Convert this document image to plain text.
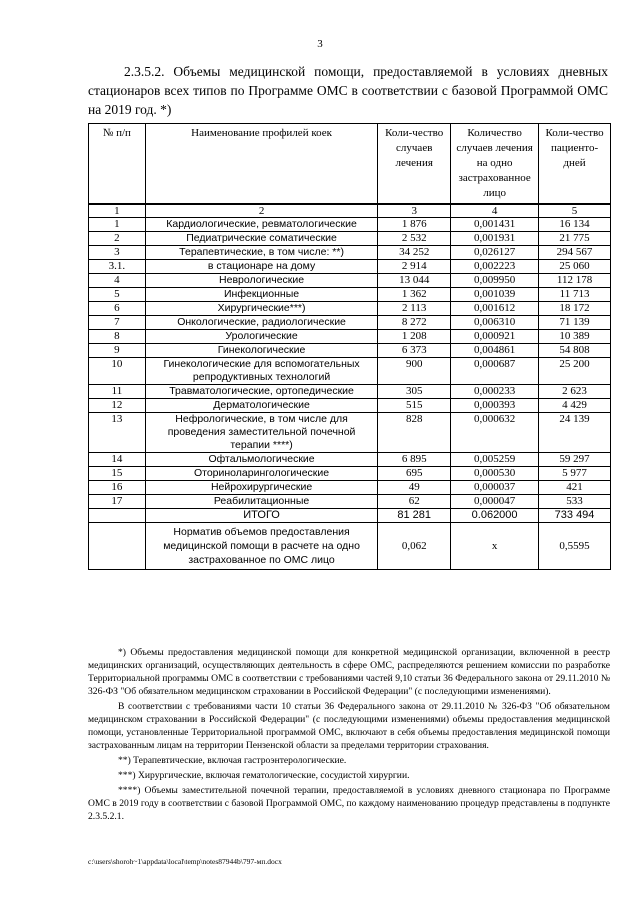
3

2.3.5.2. Объемы медицинской помощи, предоставляемой в условиях дневных стационаров всех типов по Программе ОМС в соответствии с базовой Программой ОМС на 2019 год. *)

№ п/п	Наименование профилей коек	Коли-чество случаев лечения	Количество случаев лечения на одно застрахованное лицо	Коли-чество пациенто-дней
1	2	3	4	5
1	Кардиологические, ревматологические	1 876	0,001431	16 134
2	Педиатрические соматические	2 532	0,001931	21 775
3	Терапевтические, в том числе: **)	34 252	0,026127	294 567
3.1.	в стационаре на дому	2 914	0,002223	25 060
4	Неврологические	13 044	0,009950	112 178
5	Инфекционные	1 362	0,001039	11 713
6	Хирургические***)	2 113	0,001612	18 172
7	Онкологические, радиологические	8 272	0,006310	71 139
8	Урологические	1 208	0,000921	10 389
9	Гинекологические	6 373	0,004861	54 808
10	Гинекологические для вспомогательных репродуктивных технологий	900	0,000687	25 200
11	Травматологические, ортопедические	305	0,000233	2 623
12	Дерматологические	515	0,000393	4 429
13	Нефрологические, в том числе для проведения заместительной почечной терапии ****)	828	0,000632	24 139
14	Офтальмологические	6 895	0,005259	59 297
15	Оториноларингологические	695	0,000530	5 977
16	Нейрохирургические	49	0,000037	421
17	Реабилитационные	62	0,000047	533
	ИТОГО	81 281	0.062000	733 494
	Норматив объемов предоставления медицинской помощи в расчете на одно застрахованное по ОМС лицо	0,062	x	0,5595

*) Объемы предоставления медицинской помощи для конкретной медицинской организации, включенной в реестр медицинских организаций, осуществляющих деятельность в сфере ОМС, распределяются решением комиссии по разработке Территориальной программы ОМС в соответствии с требованиями частей 9,10 статьи 36 Федерального закона от 29.11.2010 № 326-ФЗ "Об обязательном медицинском страховании в Российской Федерации" (с последующими изменениями).

В соответствии с требованиями части 10 статьи 36 Федерального закона от 29.11.2010 № 326-ФЗ "Об обязательном медицинском страховании в Российской Федерации" (с последующими изменениями) объемы предоставления медицинской помощи, установленные Территориальной программой ОМС, включают в себя объемы предоставления медицинской помощи застрахованным лицам на территории Пензенской области за пределами территории страхования.

**) Терапевтические, включая гастроэнтерологические.

***) Хирургические, включая гематологические, сосудистой хирургии.

****) Объемы заместительной почечной терапии, предоставляемой в условиях дневного стационара по Программе ОМС в 2019 году в соответствии с базовой Программой ОМС, по каждому наименованию процедур представлены в подпункте 2.3.5.2.1.

c:\users\shoroh~1\appdata\local\temp\notes87944b\797-мп.docx
